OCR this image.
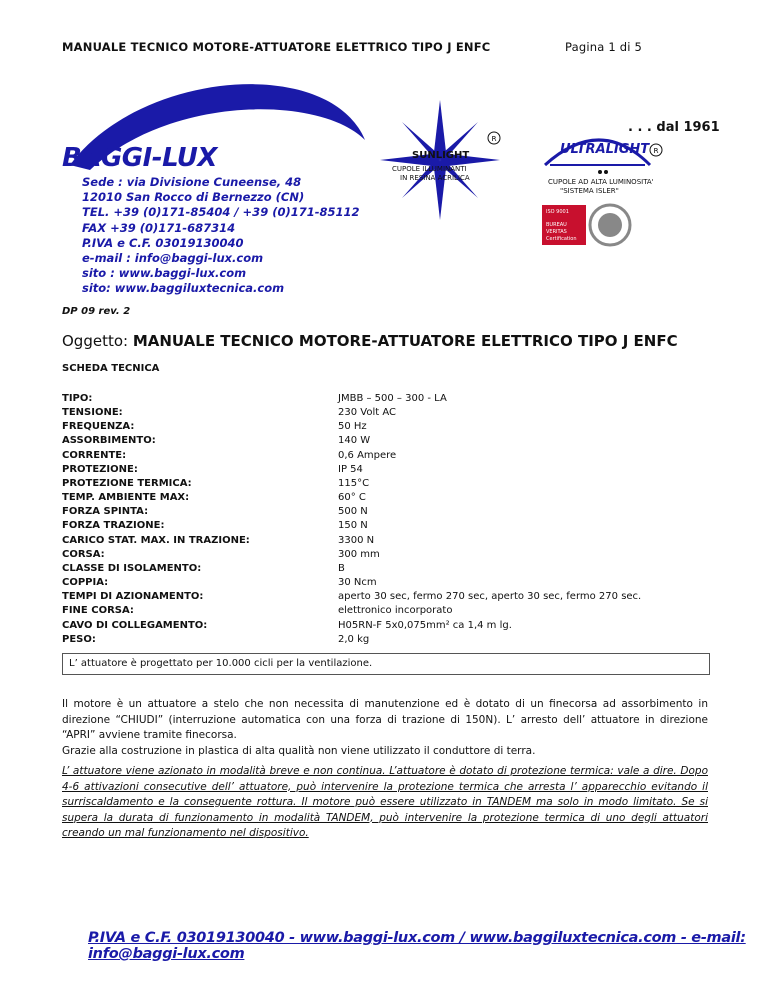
MANUALE TECNICO MOTORE-ATTUATORE ELETTRICO TIPO J ENFC	Pagina 1 di 5
R
R
BAGGI-LUX
. . . dal 1961
SUNLIGHT
CUPOLE ILLUMINANTI
IN RESINA ACRILICA
ULTRALIGHT
CUPOLE AD ALTA LUMINOSITA'
"SISTEMA ISLER"
ISO 9001
BUREAU VERITAS
Certification
Sede : via Divisione Cuneense, 48
12010 San Rocco di Bernezzo (CN)
TEL. +39 (0)171-85404 / +39 (0)171-85112
FAX +39 (0)171-687314
P.IVA e C.F. 03019130040
e-mail : info@baggi-lux.com
sito : www.baggi-lux.com
sito: www.baggiluxtecnica.com
DP 09 rev. 2
Oggetto: MANUALE TECNICO MOTORE-ATTUATORE ELETTRICO TIPO J ENFC
SCHEDA TECNICA
TIPO:
TENSIONE:
FREQUENZA:
ASSORBIMENTO:
CORRENTE:
PROTEZIONE:
PROTEZIONE TERMICA:
TEMP. AMBIENTE MAX:
FORZA SPINTA:
FORZA TRAZIONE:
CARICO STAT. MAX. IN TRAZIONE:
CORSA:
CLASSE DI ISOLAMENTO:
COPPIA:
TEMPI DI AZIONAMENTO:
FINE CORSA:
CAVO DI COLLEGAMENTO:
PESO:
JMBB – 500 – 300 - LA
230 Volt AC
50 Hz
140 W
0,6 Ampere
IP 54
115°C
60° C
500 N
150 N
3300 N
300 mm
B
30 Ncm
aperto 30 sec, fermo 270 sec, aperto 30 sec, fermo 270 sec.
elettronico incorporato
H05RN-F 5x0,075mm² ca 1,4 m lg.
2,0 kg
L’ attuatore è progettato per 10.000 cicli per la ventilazione.
Il motore è un attuatore a stelo che non necessita di manutenzione ed è dotato di un finecorsa ad assorbimento in direzione “CHIUDI” (interruzione automatica con una forza di trazione di 150N). L’ arresto dell’ attuatore in direzione “APRI” avviene tramite finecorsa.
Grazie alla costruzione in plastica di alta qualità non viene utilizzato il conduttore di terra.
L’ attuatore viene azionato in modalità breve e non continua. L’attuatore è dotato di protezione termica: vale a dire. Dopo 4-6 attivazioni consecutive dell’ attuatore, può intervenire la protezione termica che arresta l’ apparecchio evitando il surriscaldamento e la conseguente rottura. Il motore può essere utilizzato in TANDEM ma solo in modo limitato. Se si supera la durata di funzionamento in modalità TANDEM, può intervenire la protezione termica di uno degli attuatori creando un mal funzionamento nel dispositivo.
P.IVA e C.F. 03019130040 - www.baggi-lux.com / www.baggiluxtecnica.com - e-mail: info@baggi-lux.com
